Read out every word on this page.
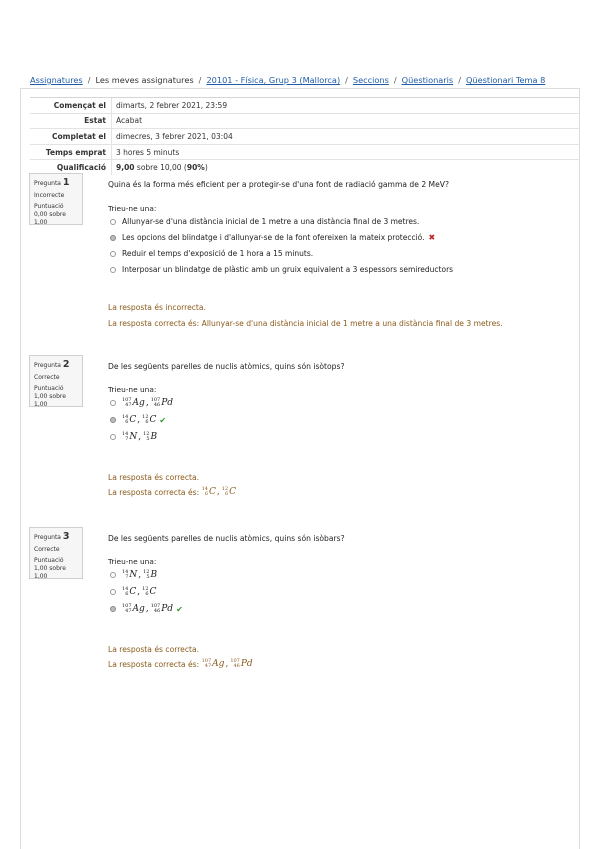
Assignatures / Les meves assignatures / 20101 - Física, Grup 3 (Mallorca) / Seccions / Qüestionaris / Qüestionari Tema 8
Començat el	dimarts, 2 febrer 2021, 23:59
Estat	Acabat
Completat el	dimecres, 3 febrer 2021, 03:04
Temps emprat	3 hores 5 minuts
Qualificació	9,00
sobre 10,00 ( 90% )
Pregunta 1
Incorrecte
Puntuació 0,00 sobre 1,00
Quina és la forma més eficient per a protegir-se d'una font de radiació gamma de 2 MeV?
Trieu-ne una:
Allunyar-se d'una distància inicial de 1 metre a una distància final de 3 metres.
Les opcions del blindatge i d'allunyar-se de la font ofereixen la mateix protecció. ✖
Reduir el temps d'exposició de 1 hora a 15 minuts.
Interposar un blindatge de plàstic amb un gruix equivalent a 3 espessors semireductors
La resposta és incorrecta.
La resposta correcta és: Allunyar-se d'una distància inicial de 1 metre a una distància final de 3 metres.
Pregunta 2
Correcte
Puntuació 1,00 sobre 1,00
De les següents parelles de nuclis atòmics, quins són isòtops?
Trieu-ne una:
107
47 Ag , 107
46 Pd
14
6 C , 12
6 C ✔
14
7 N , 12
5 B
La resposta és correcta.
La resposta correcta és:
14
6 C , 12
6 C
Pregunta 3
Correcte
Puntuació 1,00 sobre 1,00
De les següents parelles de nuclis atòmics, quins són isòbars?
Trieu-ne una:
14
7 N , 12
5 B
14
6 C , 12
6 C
107
47 Ag , 107
46 Pd ✔
La resposta és correcta.
La resposta correcta és:
107
47 Ag , 107
46 Pd
